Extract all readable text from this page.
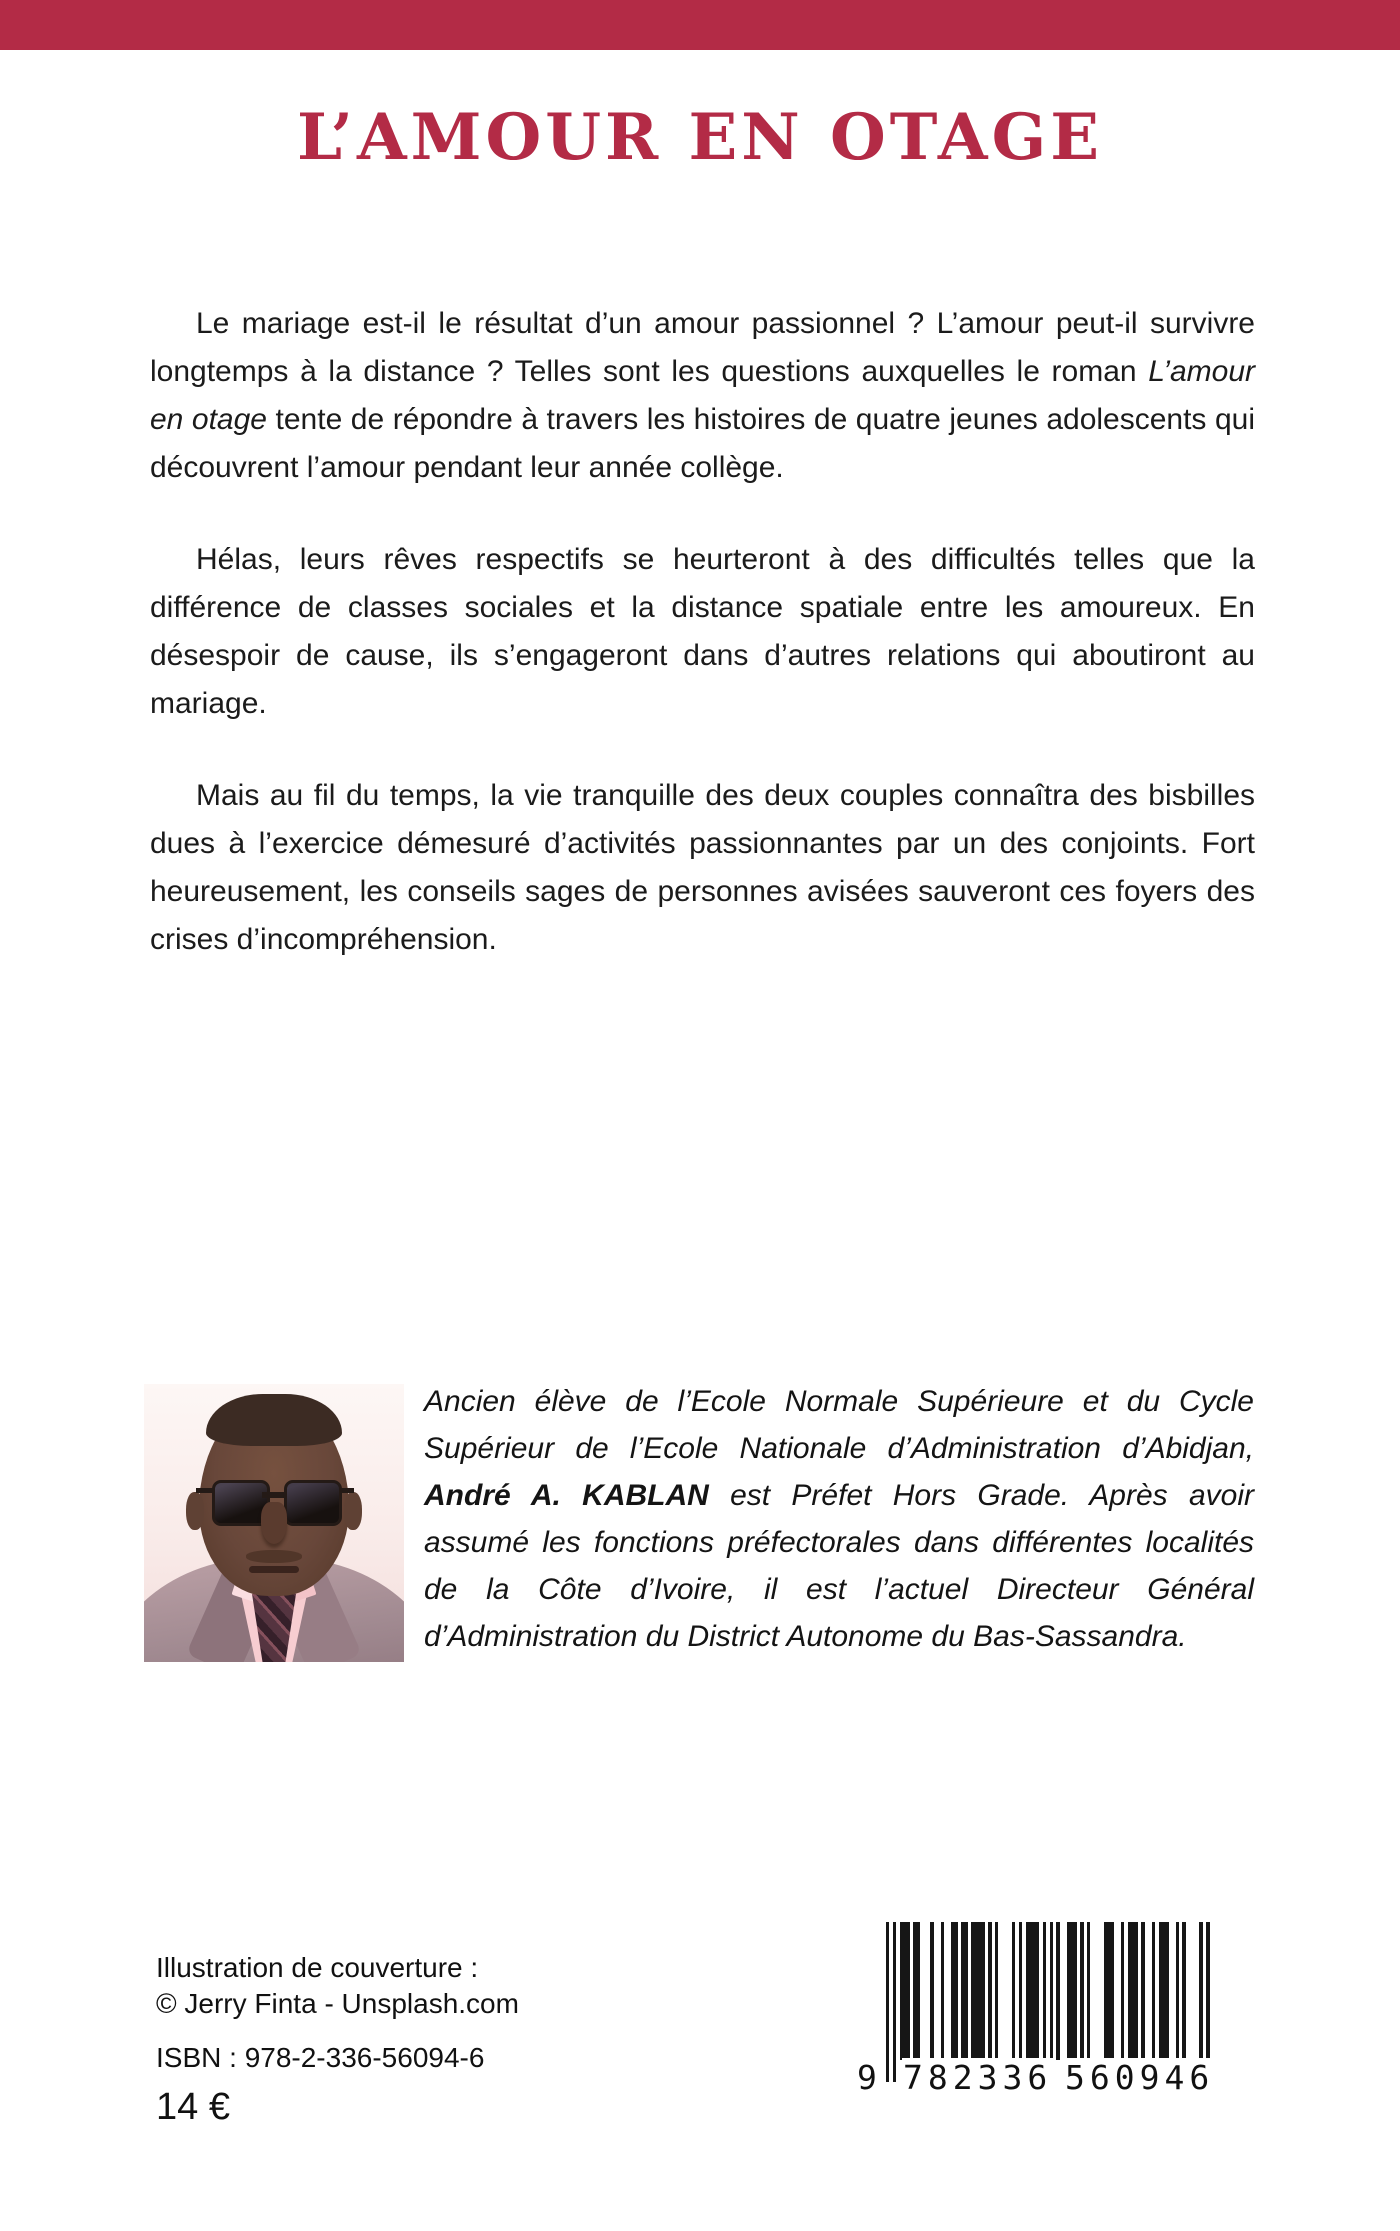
L’AMOUR EN OTAGE

Le mariage est-il le résultat d’un amour passionnel ? L’amour peut-il survivre longtemps à la distance ? Telles sont les questions auxquelles le roman L’amour en otage tente de répondre à travers les histoires de quatre jeunes adolescents qui découvrent l’amour pendant leur année collège.

Hélas, leurs rêves respectifs se heurteront à des difficultés telles que la différence de classes sociales et la distance spatiale entre les amoureux. En désespoir de cause, ils s’engageront dans d’autres relations qui aboutiront au mariage.

Mais au fil du temps, la vie tranquille des deux couples connaîtra des bisbilles dues à l’exercice démesuré d’activités passionnantes par un des conjoints. Fort heureusement, les conseils sages de personnes avisées sauveront ces foyers des crises d’incompréhension.

Ancien élève de l’Ecole Normale Supérieure et du Cycle Supérieur de l’Ecole Nationale d’Administration d’Abidjan, André A. KABLAN est Préfet Hors Grade. Après avoir assumé les fonctions préfectorales dans différentes localités de la Côte d’Ivoire, il est l’actuel Directeur Général d’Administration du District Autonome du Bas-Sassandra.

Illustration de couverture :
© Jerry Finta - Unsplash.com
ISBN : 978-2-336-56094-6
14 €
9 782336 560946
